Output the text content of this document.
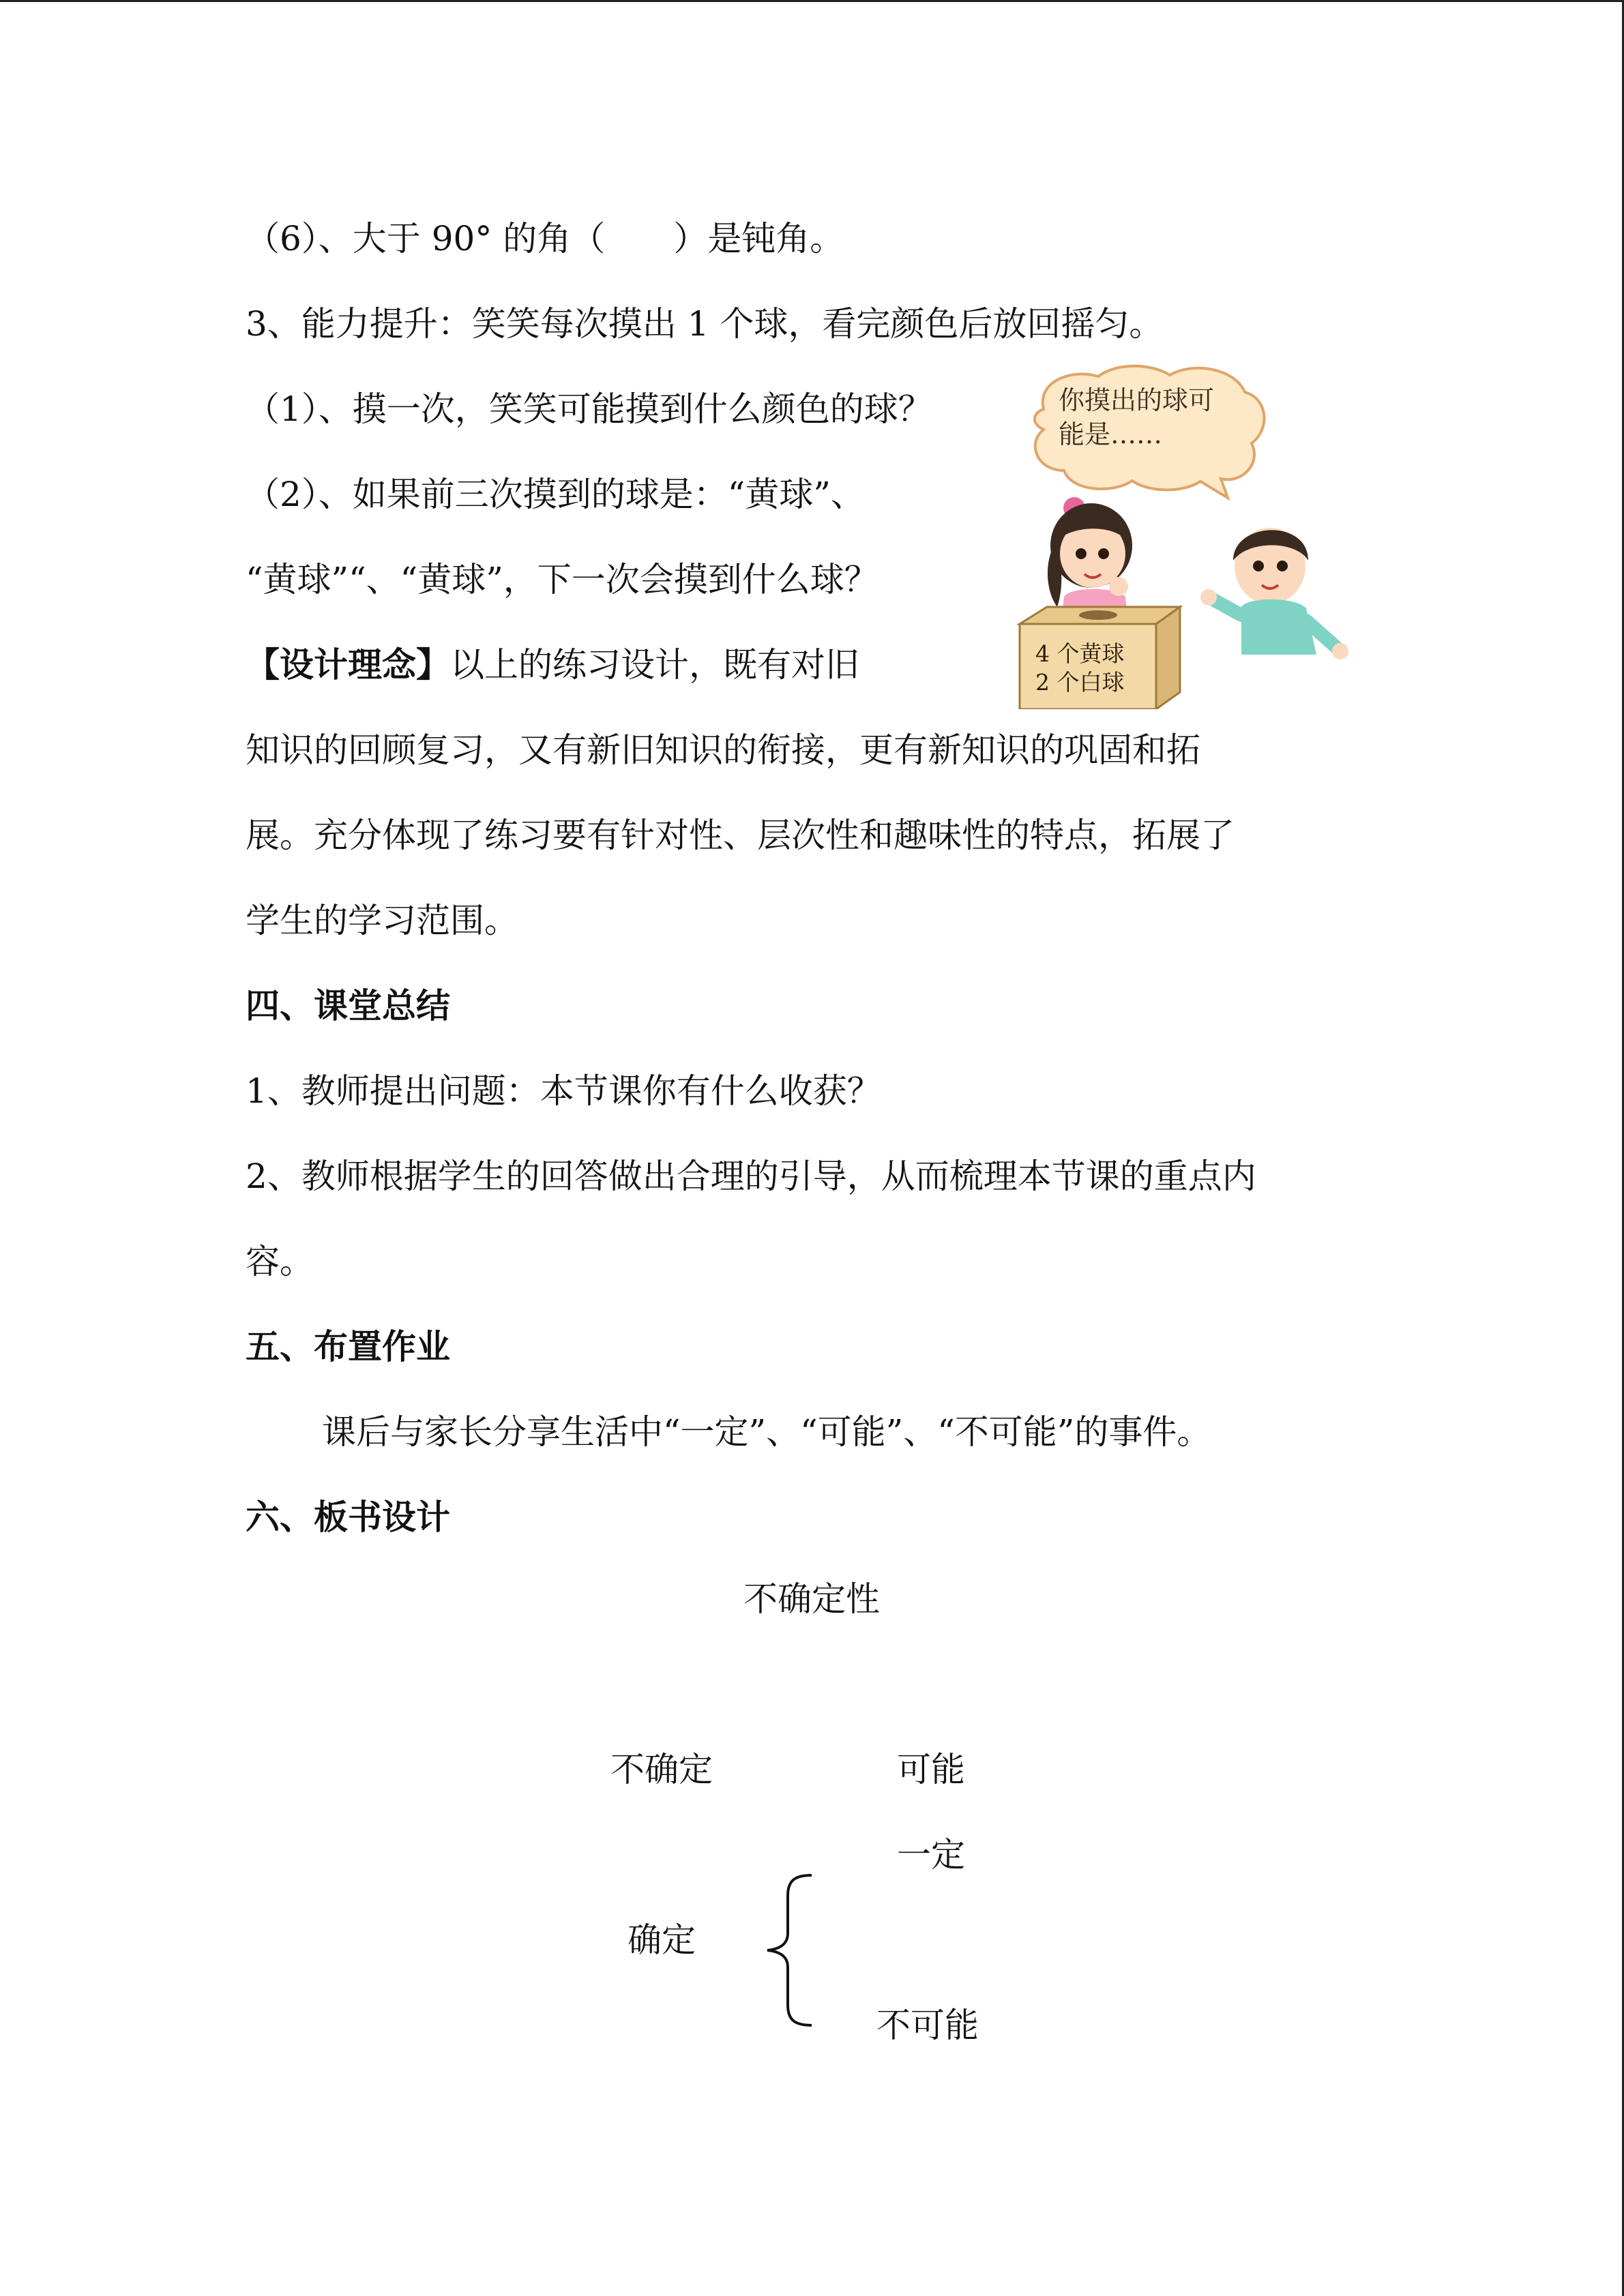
（6）、大于 90° 的角（　　）是钝角。
3、能力提升：笑笑每次摸出 1 个球，看完颜色后放回摇匀。
（1）、摸一次，笑笑可能摸到什么颜色的球？
（2）、如果前三次摸到的球是：“黄球”、
“黄球”“、“黄球”，下一次会摸到什么球？
【设计理念】以上的练习设计，既有对旧
知识的回顾复习，又有新旧知识的衔接，更有新知识的巩固和拓
展。充分体现了练习要有针对性、层次性和趣味性的特点，拓展了
学生的学习范围。
四、课堂总结
1、教师提出问题：本节课你有什么收获？
2、教师根据学生的回答做出合理的引导，从而梳理本节课的重点内
容。
五、布置作业
课后与家长分享生活中“一定”、“可能”、“不可能”的事件。
六、板书设计
你摸出的球可
能是……
4 个黄球
2 个白球
不确定性
不确定	可能
一定
确定
不可能
